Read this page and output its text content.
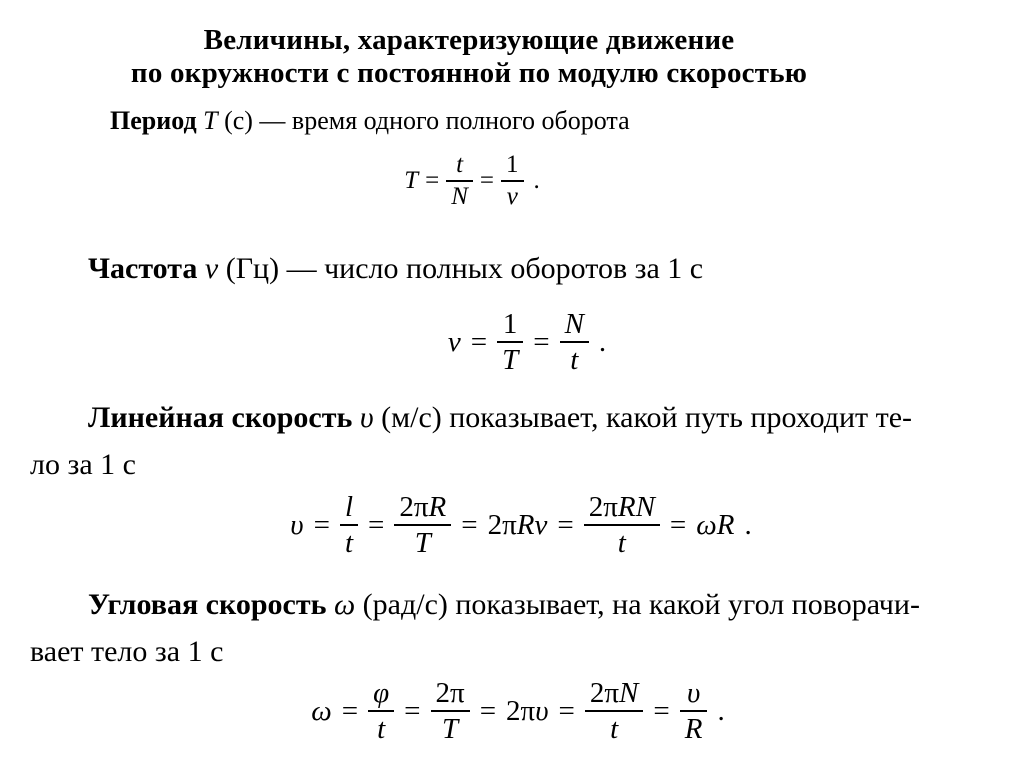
Величины, характеризующие движение
по окружности с постоянной по модулю скоростью

Период T (с) — время одного полного оборота

$T = \frac{t}{N} = \frac{1}{v}$ .

Частота v (Гц) — число полных оборотов за 1 с

$v = \frac{1}{T} = \frac{N}{t}$ .

Линейная скорость υ (м/с) показывает, какой путь проходит те-
ло за 1 с

$\upsilon = \frac{l}{t} = \frac{2\pi R}{T} = 2\pi$ $Rv = \frac{\text{2πRN}}{t} = \omega R$ .

Угловая скорость ω (рад/с) показывает, на какой угол поворачи-
вает тело за 1 с

$\omega = \frac{\varphi}{t} = \frac{2\pi}{T} = 2\pi$ $\upsilon = \frac{2\pi N}{t} = \frac{\upsilon}{R}$ .
